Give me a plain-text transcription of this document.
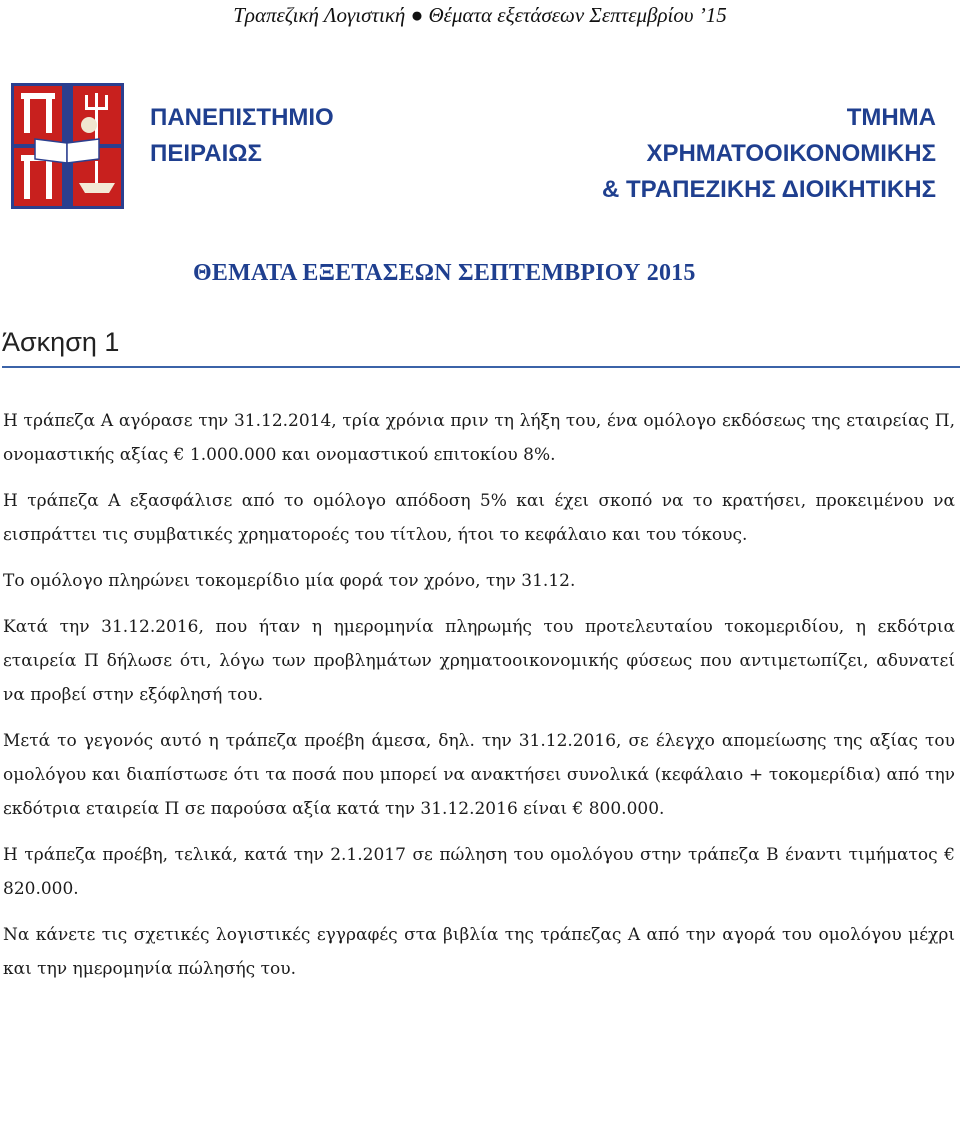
Τραπεζική Λογιστική ● Θέματα εξετάσεων Σεπτεμβρίου ’15
ΠΑΝΕΠΙΣΤΗΜΙΟ
ΠΕΙΡΑΙΩΣ
ΤΜΗΜΑ
ΧΡΗΜΑΤΟΟΙΚΟΝΟΜΙΚΗΣ
& ΤΡΑΠΕΖΙΚΗΣ ΔΙΟΙΚΗΤΙΚΗΣ
ΘΕΜΑΤΑ ΕΞΕΤΑΣΕΩΝ ΣΕΠΤΕΜΒΡΙΟΥ 2015
Άσκηση 1

Η τράπεζα Α αγόρασε την 31.12.2014, τρία χρόνια πριν τη λήξη του, ένα ομόλογο εκδόσεως της εταιρείας Π, ονομαστικής αξίας € 1.000.000 και ονομαστικού επιτοκίου 8%.

Η τράπεζα Α εξασφάλισε από το ομόλογο απόδοση 5% και έχει σκοπό να το κρατήσει, προκειμένου να εισπράττει τις συμβατικές χρηματοροές του τίτλου, ήτοι το κεφάλαιο και του τόκους.

Το ομόλογο πληρώνει τοκομερίδιο μία φορά τον χρόνο, την 31.12.

Κατά την 31.12.2016, που ήταν η ημερομηνία πληρωμής του προτελευταίου τοκομεριδίου, η εκδότρια εταιρεία Π δήλωσε ότι, λόγω των προβλημάτων χρηματοοικονομικής φύσεως που αντιμετωπίζει, αδυνατεί να προβεί στην εξόφλησή του.

Μετά το γεγονός αυτό η τράπεζα προέβη άμεσα, δηλ. την 31.12.2016, σε έλεγχο απομείωσης της αξίας του ομολόγου και διαπίστωσε ότι τα ποσά που μπορεί να ανακτήσει συνολικά (κεφάλαιο + τοκομερίδια) από την εκδότρια εταιρεία Π σε παρούσα αξία κατά την 31.12.2016 είναι € 800.000.

Η τράπεζα προέβη, τελικά, κατά την 2.1.2017 σε πώληση του ομολόγου στην τράπεζα Β έναντι τιμήματος € 820.000.

Να κάνετε τις σχετικές λογιστικές εγγραφές στα βιβλία της τράπεζας Α από την αγορά του ομολόγου μέχρι και την ημερομηνία πώλησής του.
